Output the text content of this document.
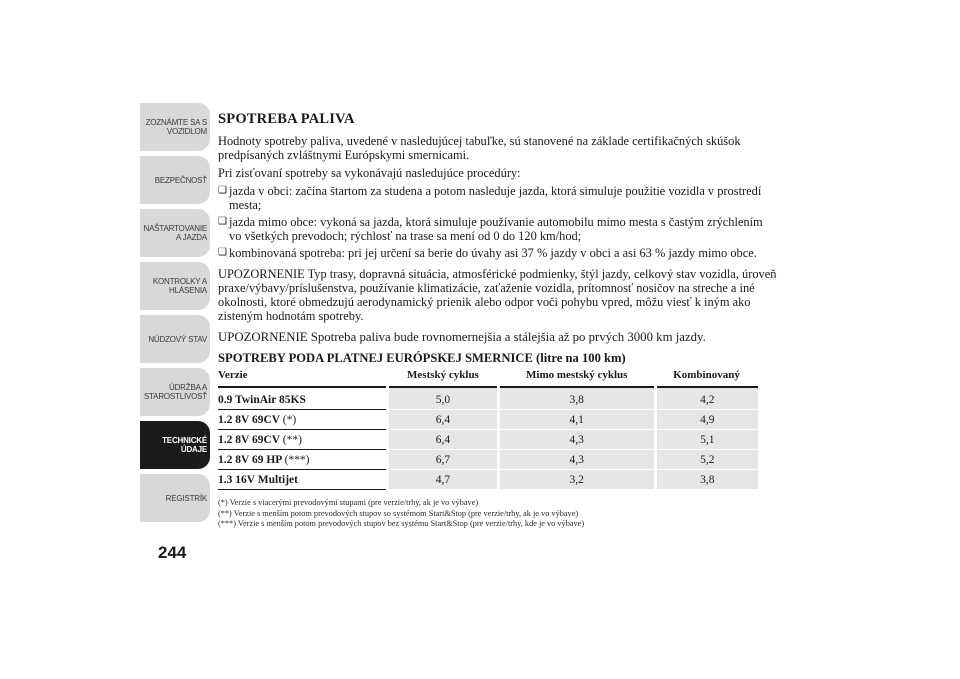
ZOZNÁMTE SA S
VOZIDLOM
BEZPEČNOSŤ
NAŠTARTOVANIE
A JAZDA
KONTROLKY A
HLÁSENIA
NÚDZOVÝ STAV
ÚDRŽBA A
STAROSTLIVOSŤ
TECHNICKÉ
ÚDAJE
REGISTRÍK
244
SPOTREBA PALIVA

Hodnoty spotreby paliva, uvedené v nasledujúcej tabuľke, sú stanovené na základe certifikačných skúšok predpísaných zvláštnymi Európskymi smernicami.

Pri zisťovaní spotreby sa vykonávajú nasledujúce procedúry:

❑ jazda v obci: začína štartom za studena a potom nasleduje jazda, ktorá simuluje použitie vozidla v prostredí mesta;
❑ jazda mimo obce: vykoná sa jazda, ktorá simuluje používanie automobilu mimo mesta s častým zrýchlením vo všetkých prevodoch; rýchlosť na trase sa mení od 0 do 120 km/hod;
❑ kombinovaná spotreba: pri jej určení sa berie do úvahy asi 37 % jazdy v obci a asi 63 % jazdy mimo obce.

UPOZORNENIE Typ trasy, dopravná situácia, atmosférické podmienky, štýl jazdy, celkový stav vozidla, úroveň praxe/výbavy/príslušenstva, používanie klimatizácie, zaťaženie vozidla, prítomnosť nosičov na streche a iné okolnosti, ktoré obmedzujú aerodynamický prienik alebo odpor voči pohybu vpred, môžu viesť k iným ako zisteným hodnotám spotreby.

UPOZORNENIE Spotreba paliva bude rovnomernejšia a stálejšia až po prvých 3000 km jazdy.

SPOTREBY PODA PLATNEJ EURÓPSKEJ SMERNICE (litre na 100 km)
Verzie	Mestský cyklus	Mimo mestský cyklus	Kombinovaný
0.9 TwinAir 85KS	5,0	3,8	4,2
1.2 8V 69CV (*)	6,4	4,1	4,9
1.2 8V 69CV (**)	6,4	4,3	5,1
1.2 8V 69 HP (***)	6,7	4,3	5,2
1.3 16V Multijet	4,7	3,2	3,8
(*) Verzie s viacerými prevodovými stupami (pre verzie/trhy, ak je vo výbave)
(**) Verzie s menším potom prevodových stupov so systémom Start&Stop (pre verzie/trhy, ak je vo výbave)
(***) Verzie s menším potom prevodových stupov bez systému Start&Stop (pre verzie/trhy, kde je vo výbave)
